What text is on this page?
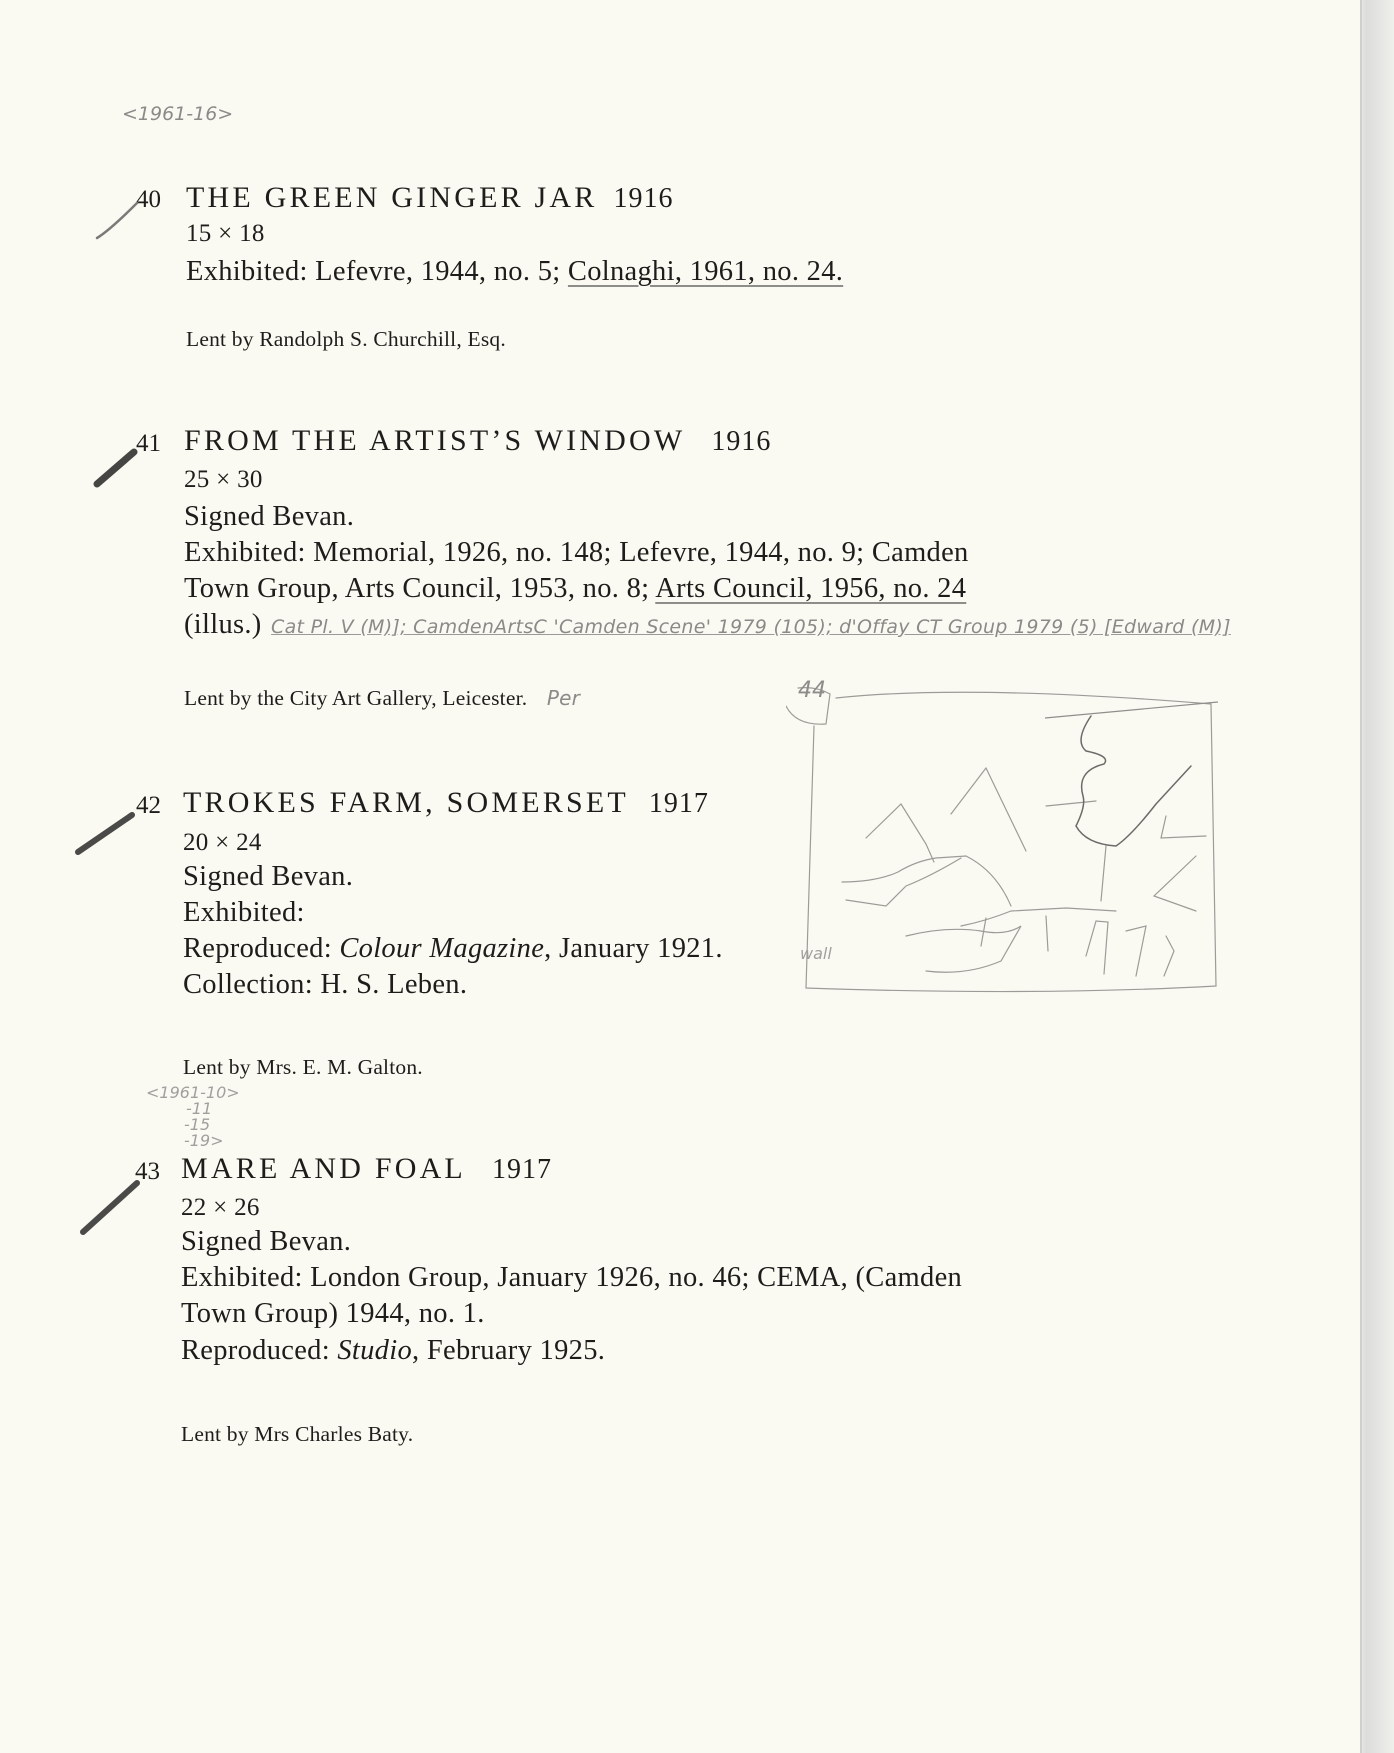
<1961-16>
40 THE GREEN GINGER JAR 1916
15 × 18
Exhibited: Lefevre, 1944, no. 5; Colnaghi, 1961, no. 24.
Lent by Randolph S. Churchill, Esq.
41 FROM THE ARTIST’S WINDOW 1916
25 × 30
Signed Bevan.
Exhibited: Memorial, 1926, no. 148; Lefevre, 1944, no. 9; Camden
Town Group, Arts Council, 1953, no. 8; Arts Council, 1956, no. 24
(illus.) Cat Pl. V (M)]; CamdenArtsC 'Camden Scene' 1979 (105); d'Offay CT Group 1979 (5) [Edward (M)]
Lent by the City Art Gallery, Leicester. Per	44
wall
42 TROKES FARM, SOMERSET 1917
20 × 24
Signed Bevan.
Exhibited:
Reproduced: Colour Magazine, January 1921.
Collection: H. S. Leben.
Lent by Mrs. E. M. Galton.
<1961-10>
-11
-15
-19>
43 MARE AND FOAL 1917
22 × 26
Signed Bevan.
Exhibited: London Group, January 1926, no. 46; CEMA, (Camden
Town Group) 1944, no. 1.
Reproduced: Studio, February 1925.
Lent by Mrs Charles Baty.
